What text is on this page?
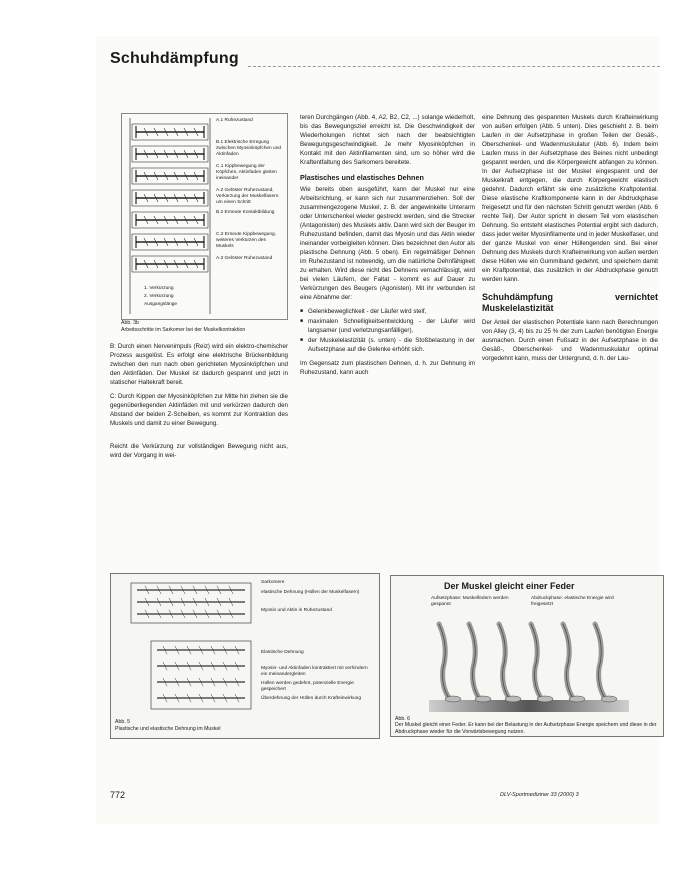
Schuhdämpfung
A.1 Ruhezustand
B.1 Elektrische Erregung zwischen Myosinköpfchen und Aktinfaden
C.1 Kippbewegung der Köpfchen, Aktinfaden gleiten ineinander
A.2 Gelöster Ruhezustand, Verkürzung der Muskelfasern um einen Schritt
B.2 Erneute Kontaktbildung
C.2 Erneute Kippbewegung, weiteres Verkürzen des Muskels
A.3 Gelöster Ruhezustand
1. Verkürzung
2. Verkürzung
Ausgangslänge
Abb. 3b
Arbeitsschritte im Sarkomer bei der Muskelkontraktion

B: Durch einen Nervenimpuls (Reiz) wird ein elektro-chemischer Prozess ausgelöst. Es erfolgt eine elektrische Brückenbildung zwischen den nun nach oben gerichteten Myosinköpfchen und den Aktinfäden. Der Muskel ist dadurch gespannt und jetzt in statischer Haltekraft bereit.

C: Durch Kippen der Myosinköpfchen zur Mitte hin ziehen sie die gegenüberliegenden Aktinfäden mit und verkürzen dadurch den Abstand der beiden Z-Scheiben, es kommt zur Kontraktion des Muskels und damit zu einer Bewegung.

Reicht die Verkürzung zur vollständigen Bewegung nicht aus, wird der Vorgang in wei-

teren Durchgängen (Abb. 4, A2, B2, C2, ...) solange wiederholt, bis das Bewegungsziel erreicht ist. Die Geschwindigkeit der Wiederholungen richtet sich nach der beabsichtigten Bewegungsgeschwindigkeit. Je mehr Myosinköpfchen in Kontakt mit den Aktinfilamenten sind, um so höher wird die Kraftentfaltung des Sarkomers bereitete.

Plastisches und elastisches Dehnen

Wie bereits oben ausgeführt, kann der Muskel nur eine Arbeitsrichtung, er kann sich nur zusammenziehen. Soll der zusammengezogene Muskel, z. B. der angewinkelte Unterarm oder Unterschenkel wieder gestreckt werden, sind die Strecker (Antagonisten) des Muskels aktiv. Dann wird sich der Beuger im Ruhezustand befinden, damit das Myosin und das Aktin wieder ineinander vorbeigleiten können. Dies bezeichnet den Autor als plastische Dehnung (Abb. 5 oben). Ein regelmäßiger Dehnen im Ruhezustand ist notwendig, um die natürliche Dehnfähigkeit zu erhalten. Wird diese nicht des Dehnens vernachlässigt, wird bei vielen Läufern, der Faltat - kommt es auf Dauer zu Verkürzungen des Beugers (Agonisten). Mit ihr verbunden ist eine Abnahme der:

■ Gelenkbeweglichkeit - der Läufer wird steif,
■ maximalen Schnelligkeitsentwicklung - der Läufer wird langsamer (und verletzungsanfälliger),
■ der Muskelelastizität (s. unten) - die Stoßbelastung in der Aufsetzphase auf die Gelenke erhöht sich.

Im Gegensatz zum plastischen Dehnen, d. h. zur Dehnung im Ruhezustand, kann auch

eine Dehnung des gespannten Muskels durch Krafteinwirkung von außen erfolgen (Abb. 5 unten). Dies geschieht z. B. beim Laufen in der Aufsetzphase in großen Teilen der Gesäß-, Oberschenkel- und Wadenmuskulatur (Abb. 6). Indem beim Laufen muss in der Aufsetzphase des Beines nicht unbedingt gespannt werden, und die Körpergewicht abfangen zu können. In der Aufsetzphase ist der Muskel eingespannt und der Muskelkraft entgegen, die durch Körpergewicht elastisch gedehnt. Dadurch erfährt sie eine zusätzliche Kraftpotential. Diese elastische Kraftkomponente kann in der Abdruckphase freigesetzt und für den nächsten Schritt genutzt werden (Abb. 6 rechte Teil). Der Autor spricht in diesem Teil vom elastischen Dehnung. So entsteht elastisches Potential ergibt sich dadurch, dass jeder weiter Myosinfilamente und in jeder Muskelfaser, und der ganze Muskel von einer Hüllengenden sind. Bei einer Dehnung des Muskels durch Krafteinwirkung von außen werden diese Hüllen wie ein Gummiband gedehnt, und speichern damit ein Kraftpotential, das zusätzlich in der Abdruckphase genutzt werden kann.

Schuhdämpfung vernichtet Muskelelastizität

Der Anteil der elastischen Potentiale kann nach Berechnungen von Alley (3, 4) bis zu 25 % der zum Laufen benötigten Energie ausmachen. Durch einen Fußsatz in der Aufsetzphase in die Gesäß-, Oberschenkel- und Wadenmuskulatur optimal vorgedehnt kann, muss der Untergrund, d. h. der Lau-

Sarkomere
elastische Dehnung (Hüllen der Muskelfasern)
Myosin und Aktin in Ruhezustand
Elastische Dehnung
Myosin- und Aktinfaden kontraktiert mit verhindern ein Ineinandergleiten
Hüllen werden gedehnt, potenzielle Energie gespeichert
Überdehnung der Hüllen durch Krafteinwirkung
Abb. 5
Plastische und elastische Dehnung im Muskel
Aufsetzphase: Muskelfedern werden gespannt
Abdruckphase: elastische Energie wird freigesetzt
Abb. 6
Der Muskel gleicht einer Feder. Er kann bei der Belastung in der Aufsetzphase Energie speichern und diese in der Abdruckphase wieder für die Vorwärtsbewegung nutzen.
Der Muskel gleicht einer Feder
772	DLV-Sportmediziner 33 (2000) 3
